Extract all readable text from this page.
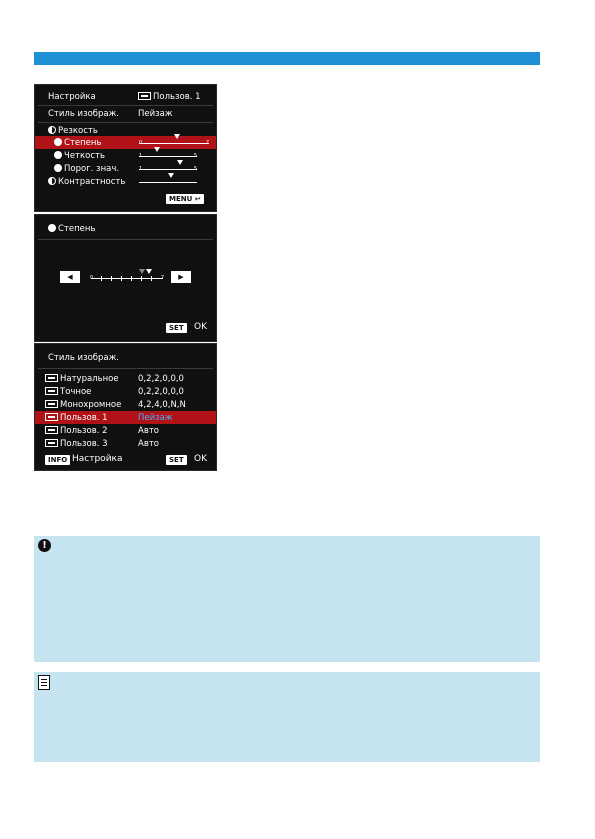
Настройка	Пользов. 1
Стиль изображ. Пейзаж
Резкость
Степень	0	7
Четкость	1	5
Порог. знач.	1	5
Контрастность
MENU ↩
Степень
◀	0	7	▶
SET	OK
Стиль изображ.
Натуральное 0,2,2,0,0,0
Точное	0,2,2,0,0,0
Монохромное 4,2,4,0,N,N
Пользов. 1	Пейзаж
Пользов. 2	Авто
Пользов. 3	Авто
INFO Настройка	SET	OK
!
